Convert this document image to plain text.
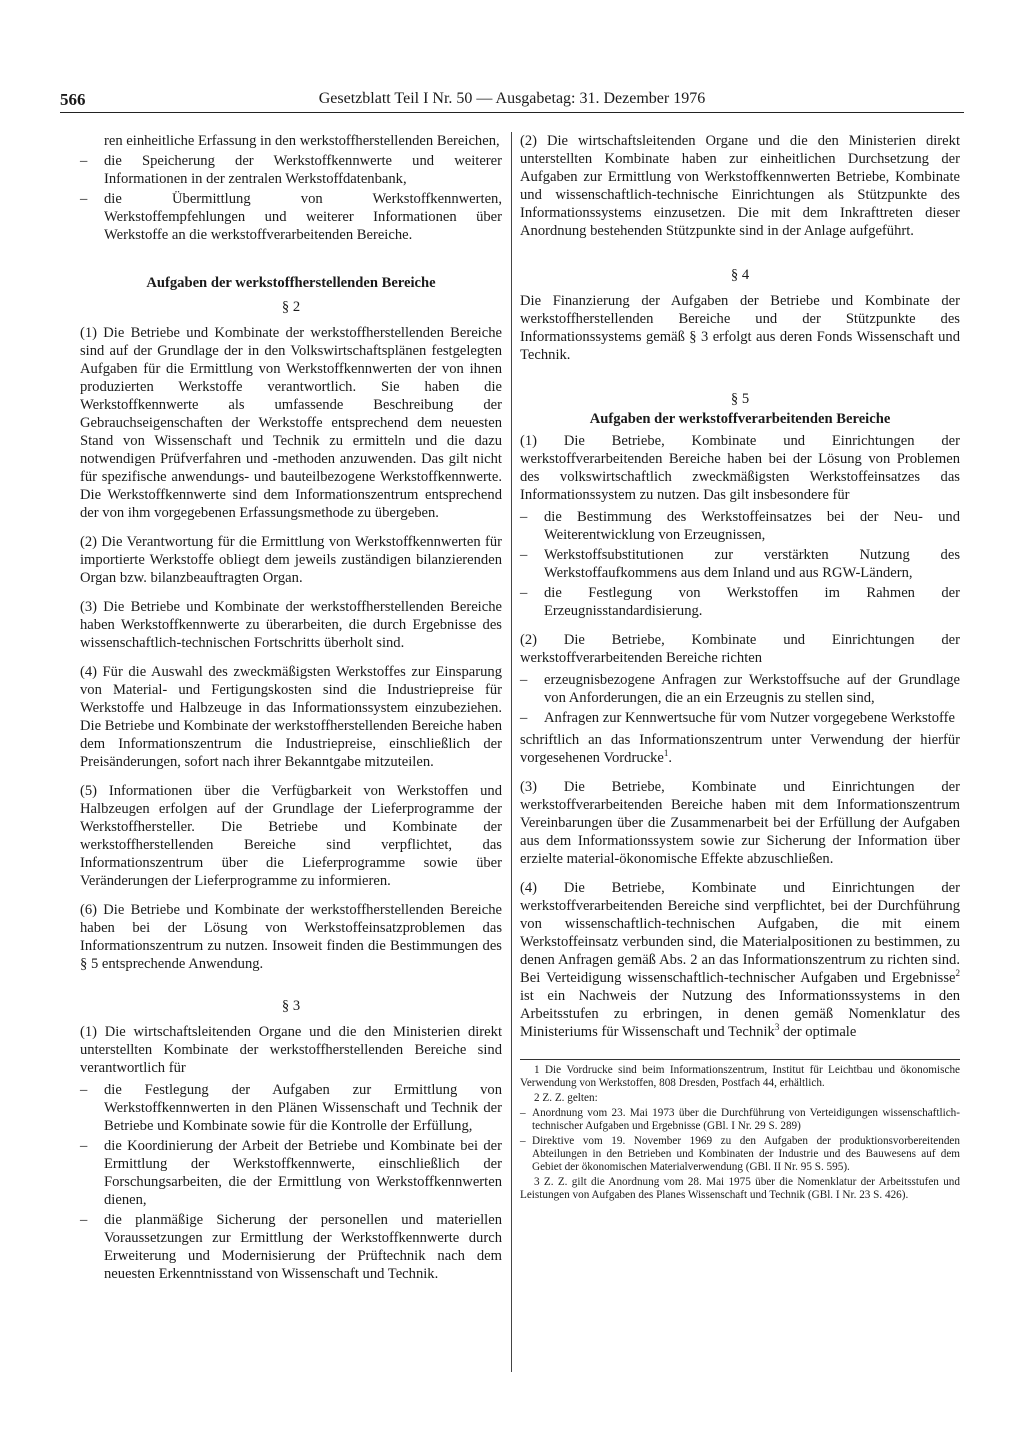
566	Gesetzblatt Teil I Nr. 50 — Ausgabetag: 31. Dezember 1976
ren einheitliche Erfassung in den werkstoffherstellenden Bereichen,
– die Speicherung der Werkstoffkennwerte und weiterer Informationen in der zentralen Werkstoffdatenbank,
– die Übermittlung von Werkstoffkennwerten, Werkstoffempfehlungen und weiterer Informationen über Werkstoffe an die werkstoffverarbeitenden Bereiche.
Aufgaben der werkstoffherstellenden Bereiche
§ 2

(1) Die Betriebe und Kombinate der werkstoffherstellenden Bereiche sind auf der Grundlage der in den Volkswirtschaftsplänen festgelegten Aufgaben für die Ermittlung von Werkstoffkennwerten der von ihnen produzierten Werkstoffe verantwortlich. Sie haben die Werkstoffkennwerte als umfassende Beschreibung der Gebrauchseigenschaften der Werkstoffe entsprechend dem neuesten Stand von Wissenschaft und Technik zu ermitteln und die dazu notwendigen Prüfverfahren und -methoden anzuwenden. Das gilt nicht für spezifische anwendungs- und bauteilbezogene Werkstoffkennwerte. Die Werkstoffkennwerte sind dem Informationszentrum entsprechend der von ihm vorgegebenen Erfassungsmethode zu übergeben.

(2) Die Verantwortung für die Ermittlung von Werkstoffkennwerten für importierte Werkstoffe obliegt dem jeweils zuständigen bilanzierenden Organ bzw. bilanzbeauftragten Organ.

(3) Die Betriebe und Kombinate der werkstoffherstellenden Bereiche haben Werkstoffkennwerte zu überarbeiten, die durch Ergebnisse des wissenschaftlich-technischen Fortschritts überholt sind.

(4) Für die Auswahl des zweckmäßigsten Werkstoffes zur Einsparung von Material- und Fertigungskosten sind die Industriepreise für Werkstoffe und Halbzeuge in das Informationssystem einzubeziehen. Die Betriebe und Kombinate der werkstoffherstellenden Bereiche haben dem Informationszentrum die Industriepreise, einschließlich der Preisänderungen, sofort nach ihrer Bekanntgabe mitzuteilen.

(5) Informationen über die Verfügbarkeit von Werkstoffen und Halbzeugen erfolgen auf der Grundlage der Lieferprogramme der Werkstoffhersteller. Die Betriebe und Kombinate der werkstoffherstellenden Bereiche sind verpflichtet, das Informationszentrum über die Lieferprogramme sowie über Veränderungen der Lieferprogramme zu informieren.

(6) Die Betriebe und Kombinate der werkstoffherstellenden Bereiche haben bei der Lösung von Werkstoffeinsatzproblemen das Informationszentrum zu nutzen. Insoweit finden die Bestimmungen des § 5 entsprechende Anwendung.

§ 3

(1) Die wirtschaftsleitenden Organe und die den Ministerien direkt unterstellten Kombinate der werkstoffherstellenden Bereiche sind verantwortlich für

– die Festlegung der Aufgaben zur Ermittlung von Werkstoffkennwerten in den Plänen Wissenschaft und Technik der Betriebe und Kombinate sowie für die Kontrolle der Erfüllung,
– die Koordinierung der Arbeit der Betriebe und Kombinate bei der Ermittlung der Werkstoffkennwerte, einschließlich der Forschungsarbeiten, die der Ermittlung von Werkstoffkennwerten dienen,
– die planmäßige Sicherung der personellen und materiellen Voraussetzungen zur Ermittlung der Werkstoffkennwerte durch Erweiterung und Modernisierung der Prüftechnik nach dem neuesten Erkenntnisstand von Wissenschaft und Technik.

(2) Die wirtschaftsleitenden Organe und die den Ministerien direkt unterstellten Kombinate haben zur einheitlichen Durchsetzung der Aufgaben zur Ermittlung von Werkstoffkennwerten Betriebe, Kombinate und wissenschaftlich-technische Einrichtungen als Stützpunkte des Informationssystems einzusetzen. Die mit dem Inkrafttreten dieser Anordnung bestehenden Stützpunkte sind in der Anlage aufgeführt.

§ 4

Die Finanzierung der Aufgaben der Betriebe und Kombinate der werkstoffherstellenden Bereiche und der Stützpunkte des Informationssystems gemäß § 3 erfolgt aus deren Fonds Wissenschaft und Technik.

§ 5
Aufgaben der werkstoffverarbeitenden Bereiche

(1) Die Betriebe, Kombinate und Einrichtungen der werkstoffverarbeitenden Bereiche haben bei der Lösung von Problemen des volkswirtschaftlich zweckmäßigsten Werkstoffeinsatzes das Informationssystem zu nutzen. Das gilt insbesondere für

– die Bestimmung des Werkstoffeinsatzes bei der Neu- und Weiterentwicklung von Erzeugnissen,
– Werkstoffsubstitutionen zur verstärkten Nutzung des Werkstoffaufkommens aus dem Inland und aus RGW-Ländern,
– die Festlegung von Werkstoffen im Rahmen der Erzeugnisstandardisierung.

(2) Die Betriebe, Kombinate und Einrichtungen der werkstoffverarbeitenden Bereiche richten

– erzeugnisbezogene Anfragen zur Werkstoffsuche auf der Grundlage von Anforderungen, die an ein Erzeugnis zu stellen sind,
– Anfragen zur Kennwertsuche für vom Nutzer vorgegebene Werkstoffe

schriftlich an das Informationszentrum unter Verwendung der hierfür vorgesehenen Vordrucke$^1$.

(3) Die Betriebe, Kombinate und Einrichtungen der werkstoffverarbeitenden Bereiche haben mit dem Informationszentrum Vereinbarungen über die Zusammenarbeit bei der Erfüllung der Aufgaben aus dem Informationssystem sowie zur Sicherung der Information über erzielte material-ökonomische Effekte abzuschließen.

(4) Die Betriebe, Kombinate und Einrichtungen der werkstoffverarbeitenden Bereiche sind verpflichtet, bei der Durchführung von wissenschaftlich-technischen Aufgaben, die mit einem Werkstoffeinsatz verbunden sind, die Materialpositionen zu bestimmen, zu denen Anfragen gemäß Abs. 2 an das Informationszentrum zu richten sind. Bei Verteidigung wissenschaftlich-technischer Aufgaben und Ergebnisse$^2$ ist ein Nachweis der Nutzung des Informationssystems in den Arbeitsstufen zu erbringen, in denen gemäß Nomenklatur des Ministeriums für Wissenschaft und Technik$^3$ der optimale

1 Die Vordrucke sind beim Informationszentrum, Institut für Leichtbau und ökonomische Verwendung von Werkstoffen, 808 Dresden, Postfach 44, erhältlich.

2 Z. Z. gelten:

– Anordnung vom 23. Mai 1973 über die Durchführung von Verteidigungen wissenschaftlich-technischer Aufgaben und Ergebnisse (GBl. I Nr. 29 S. 289)
– Direktive vom 19. November 1969 zu den Aufgaben der produktionsvorbereitenden Abteilungen in den Betrieben und Kombinaten der Industrie und des Bauwesens auf dem Gebiet der ökonomischen Materialverwendung (GBl. II Nr. 95 S. 595).

3 Z. Z. gilt die Anordnung vom 28. Mai 1975 über die Nomenklatur der Arbeitsstufen und Leistungen von Aufgaben des Planes Wissenschaft und Technik (GBl. I Nr. 23 S. 426).
